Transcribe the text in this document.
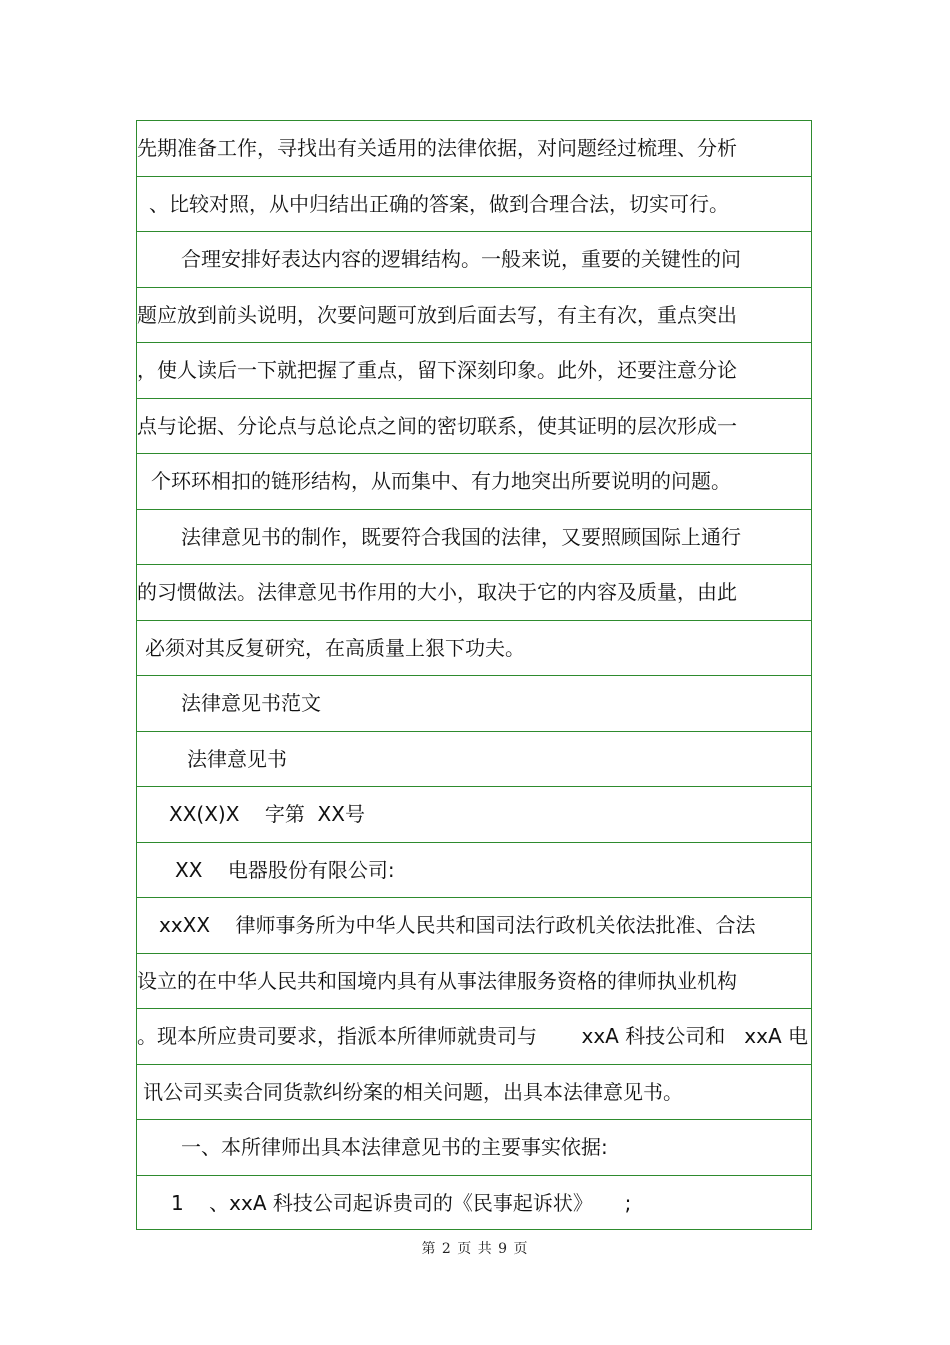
先期准备工作，寻找出有关适用的法律依据，对问题经过梳理、分析
、比较对照，从中归结出正确的答案，做到合理合法，切实可行。
合理安排好表达内容的逻辑结构。一般来说，重要的关键性的问
题应放到前头说明，次要问题可放到后面去写，有主有次，重点突出
，使人读后一下就把握了重点，留下深刻印象。此外，还要注意分论
点与论据、分论点与总论点之间的密切联系，使其证明的层次形成一
个环环相扣的链形结构，从而集中、有力地突出所要说明的问题。
法律意见书的制作，既要符合我国的法律，又要照顾国际上通行
的习惯做法。法律意见书作用的大小，取决于它的内容及质量，由此
必须对其反复研究，在高质量上狠下功夫。
法律意见书范文
法律意见书
XX(X)X    字第  XX号
XX    电器股份有限公司:
xxXX    律师事务所为中华人民共和国司法行政机关依法批准、合法
设立的在中华人民共和国境内具有从事法律服务资格的律师执业机构
。现本所应贵司要求，指派本所律师就贵司与       xxA 科技公司和   xxA 电
讯公司买卖合同货款纠纷案的相关问题，出具本法律意见书。
一、本所律师出具本法律意见书的主要事实依据:
1    、xxA 科技公司起诉贵司的《民事起诉状》     ;
第 2 页 共 9 页
